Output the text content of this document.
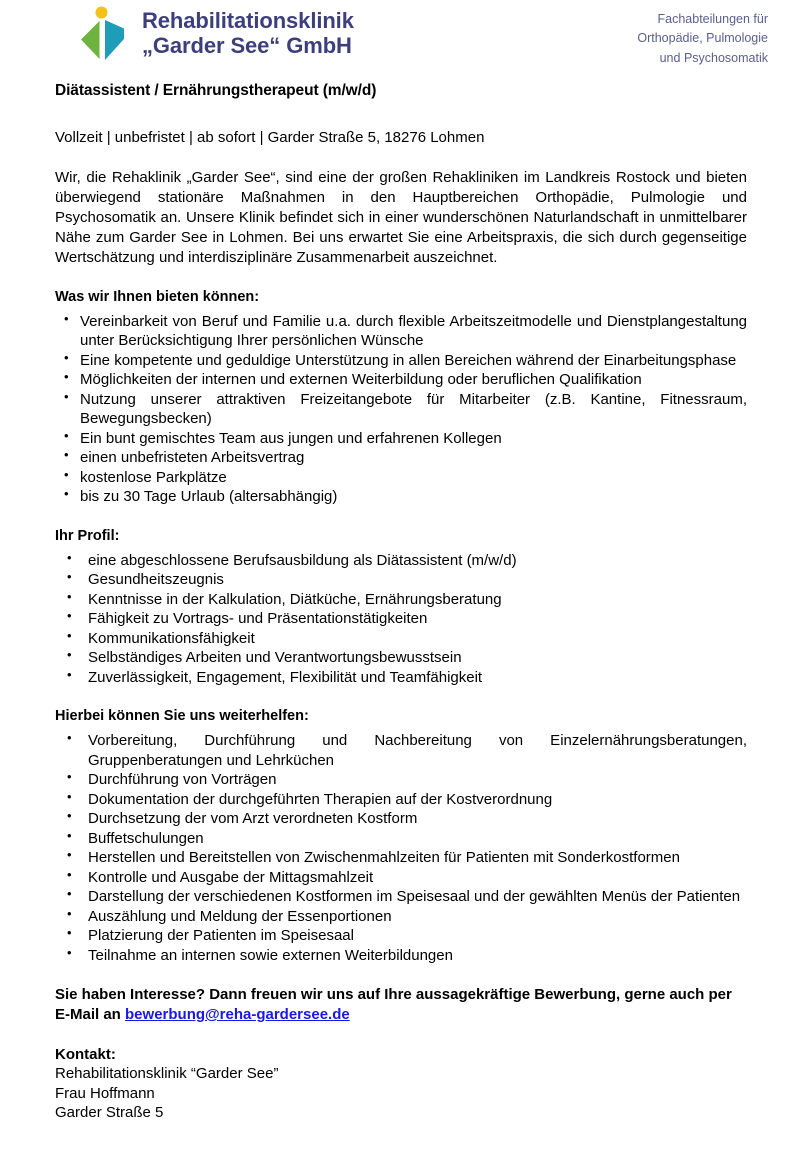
Rehabilitationsklinik
„Garder See“ GmbH
Fachabteilungen für
Orthopädie, Pulmologie
und Psychosomatik
Diätassistent / Ernährungstherapeut (m/w/d)

Vollzeit | unbefristet | ab sofort | Garder Straße 5, 18276 Lohmen

Wir, die Rehaklinik „Garder See“, sind eine der großen Rehakliniken im Landkreis Rostock und bieten überwiegend stationäre Maßnahmen in den Hauptbereichen Orthopädie, Pulmologie und Psychosomatik an. Unsere Klinik befindet sich in einer wunderschönen Naturlandschaft in unmittelbarer Nähe zum Garder See in Lohmen. Bei uns erwartet Sie eine Arbeitspraxis, die sich durch gegenseitige Wertschätzung und interdisziplinäre Zusammenarbeit auszeichnet.

Was wir Ihnen bieten können:

• Vereinbarkeit von Beruf und Familie u.a. durch flexible Arbeitszeitmodelle und Dienstplangestaltung unter Berücksichtigung Ihrer persönlichen Wünsche
• Eine kompetente und geduldige Unterstützung in allen Bereichen während der Einarbeitungsphase
• Möglichkeiten der internen und externen Weiterbildung oder beruflichen Qualifikation
• Nutzung unserer attraktiven Freizeitangebote für Mitarbeiter (z.B. Kantine, Fitnessraum, Bewegungsbecken)
• Ein bunt gemischtes Team aus jungen und erfahrenen Kollegen
• einen unbefristeten Arbeitsvertrag
• kostenlose Parkplätze
• bis zu 30 Tage Urlaub (altersabhängig)

Ihr Profil:

• eine abgeschlossene Berufsausbildung als Diätassistent (m/w/d)
• Gesundheitszeugnis
• Kenntnisse in der Kalkulation, Diätküche, Ernährungsberatung
• Fähigkeit zu Vortrags- und Präsentationstätigkeiten
• Kommunikationsfähigkeit
• Selbständiges Arbeiten und Verantwortungsbewusstsein
• Zuverlässigkeit, Engagement, Flexibilität und Teamfähigkeit

Hierbei können Sie uns weiterhelfen:

• Vorbereitung, Durchführung und Nachbereitung von Einzelernährungsberatungen, Gruppenberatungen und Lehrküchen
• Durchführung von Vorträgen
• Dokumentation der durchgeführten Therapien auf der Kostverordnung
• Durchsetzung der vom Arzt verordneten Kostform
• Buffetschulungen
• Herstellen und Bereitstellen von Zwischenmahlzeiten für Patienten mit Sonderkostformen
• Kontrolle und Ausgabe der Mittagsmahlzeit
• Darstellung der verschiedenen Kostformen im Speisesaal und der gewählten Menüs der Patienten
• Auszählung und Meldung der Essenportionen
• Platzierung der Patienten im Speisesaal
• Teilnahme an internen sowie externen Weiterbildungen

Sie haben Interesse? Dann freuen wir uns auf Ihre aussagekräftige Bewerbung, gerne auch per E-Mail an bewerbung@reha-gardersee.de

Kontakt:
Rehabilitationsklinik “Garder See”
Frau Hoffmann
Garder Straße 5
